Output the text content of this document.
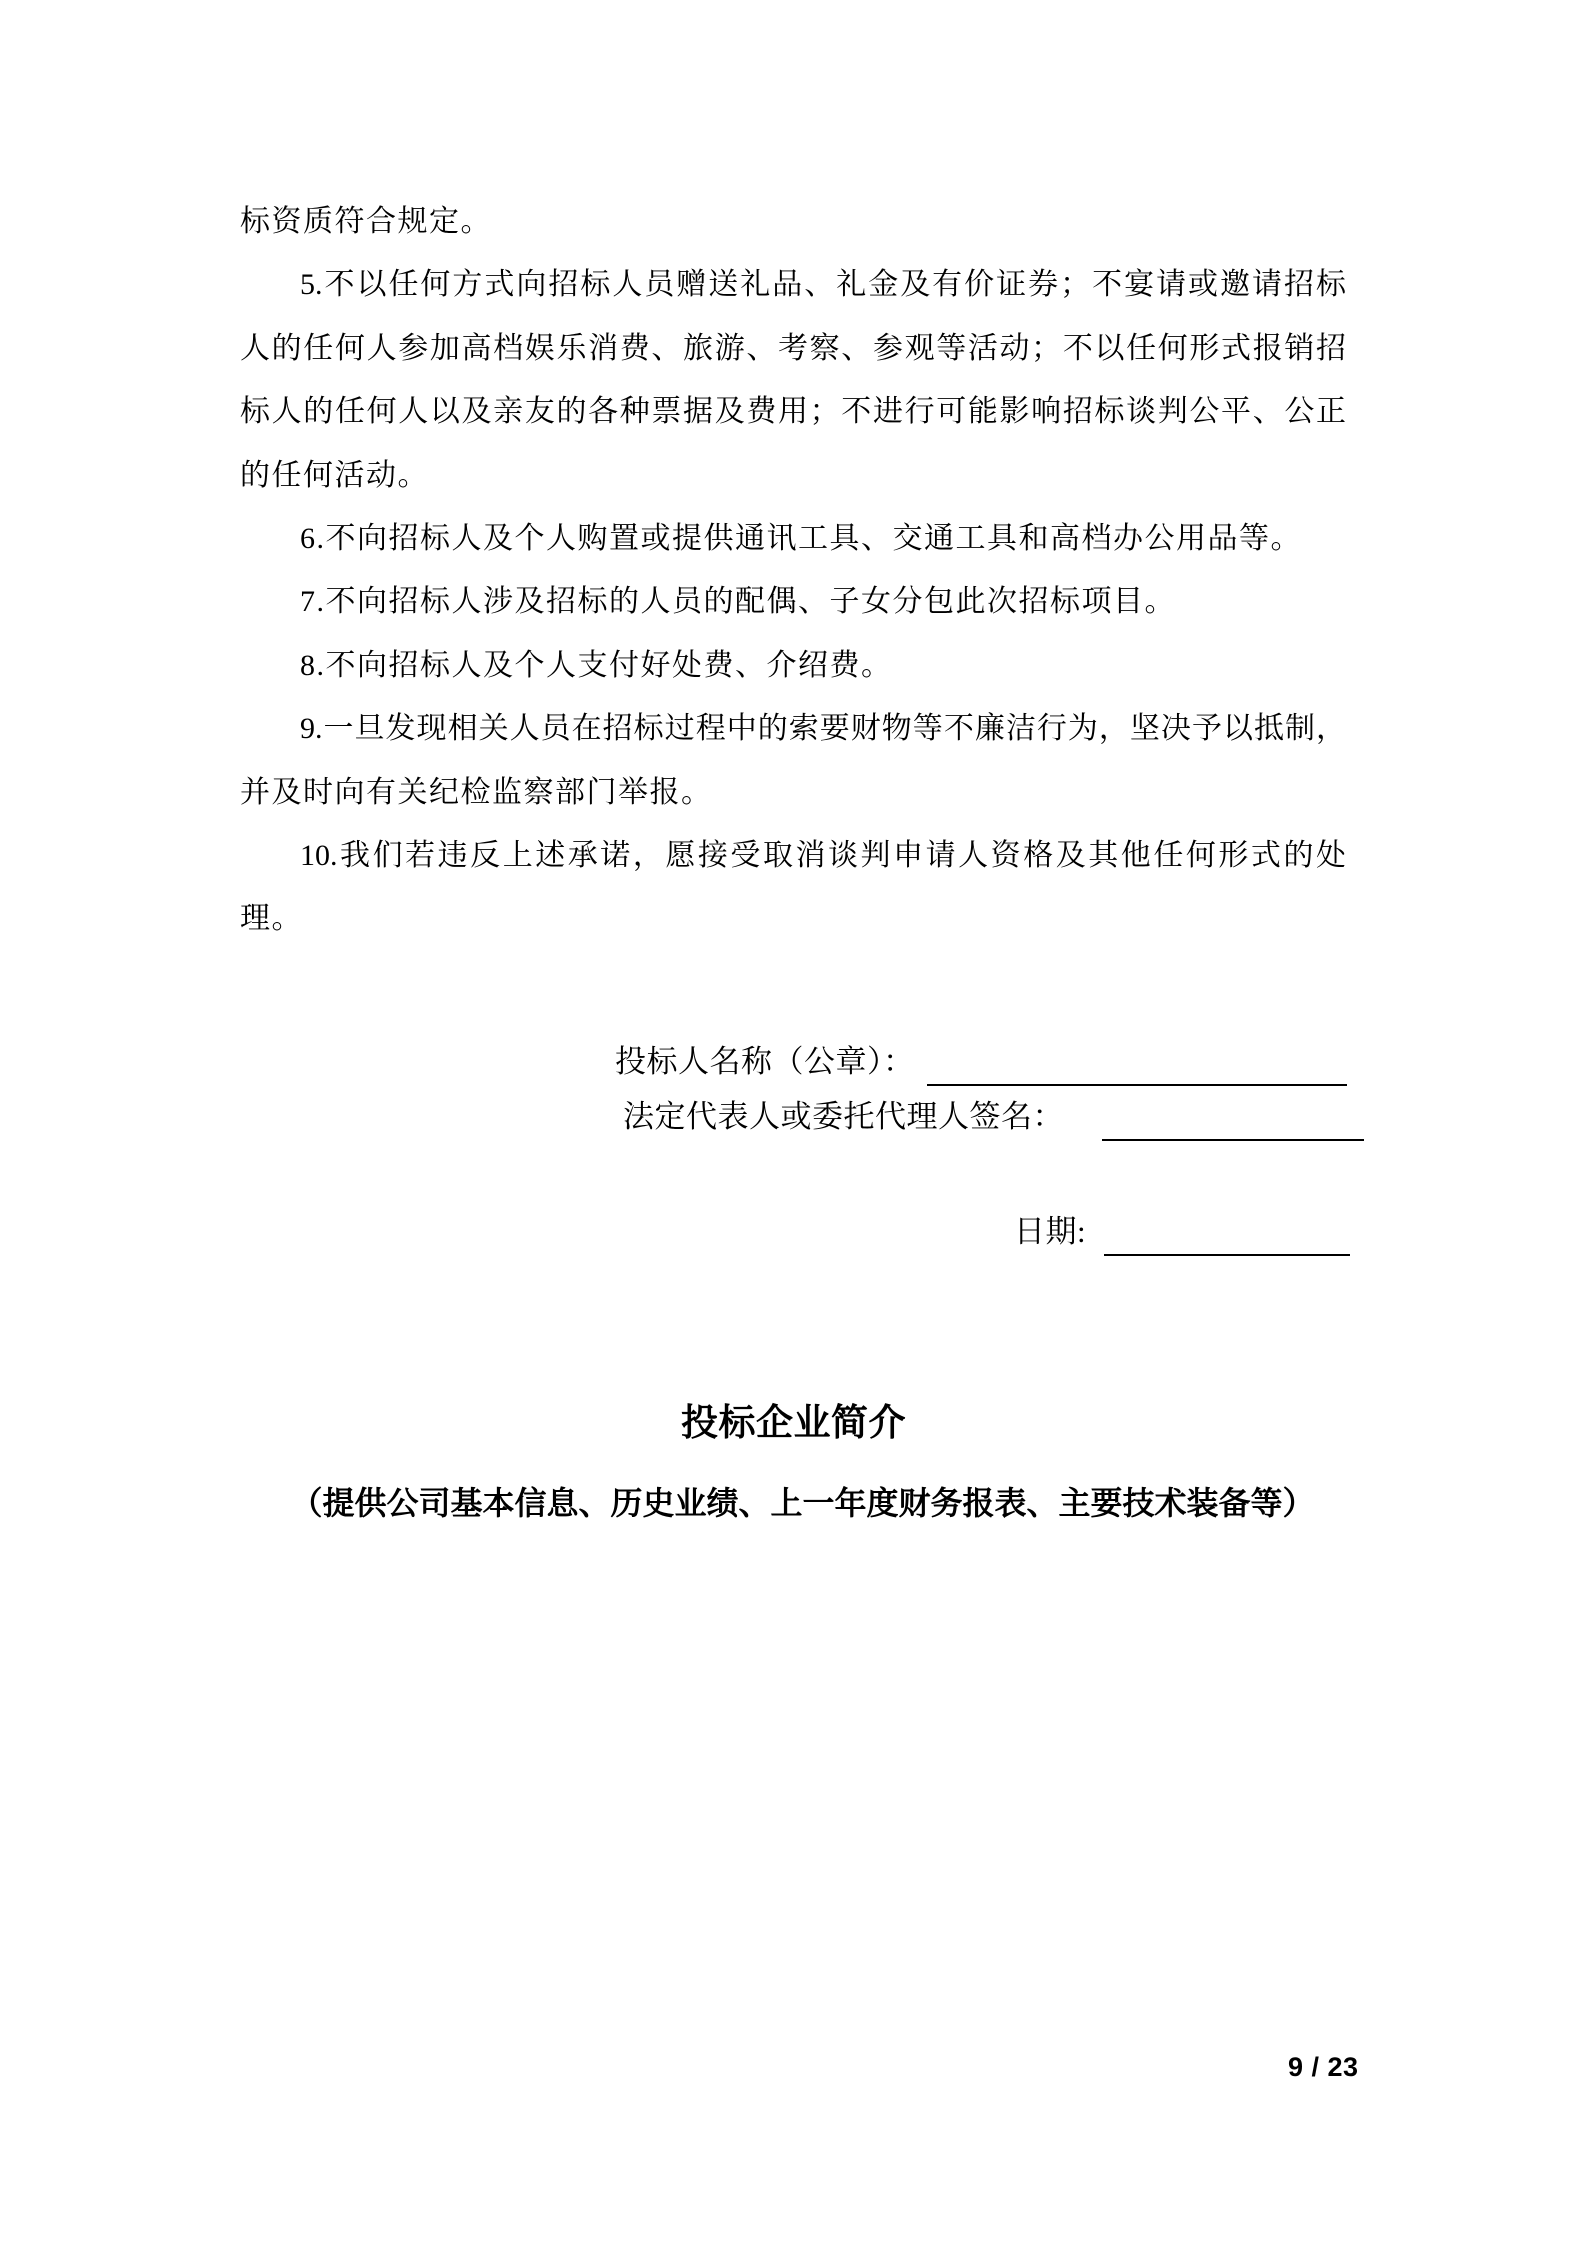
标资质符合规定。
5.不以任何方式向招标人员赠送礼品、礼金及有价证券；不宴请或邀请招标
人的任何人参加高档娱乐消费、旅游、考察、参观等活动；不以任何形式报销招
标人的任何人以及亲友的各种票据及费用；不进行可能影响招标谈判公平、公正
的任何活动。
6.不向招标人及个人购置或提供通讯工具、交通工具和高档办公用品等。
7.不向招标人涉及招标的人员的配偶、子女分包此次招标项目。
8.不向招标人及个人支付好处费、介绍费。
9.一旦发现相关人员在招标过程中的索要财物等不廉洁行为，坚决予以抵制，
并及时向有关纪检监察部门举报。
10.我们若违反上述承诺，愿接受取消谈判申请人资格及其他任何形式的处
理。
投标人名称（公章）：
法定代表人或委托代理人签名：
日期:
投标企业简介
（提供公司基本信息、历史业绩、上一年度财务报表、主要技术装备等）
9 / 23
